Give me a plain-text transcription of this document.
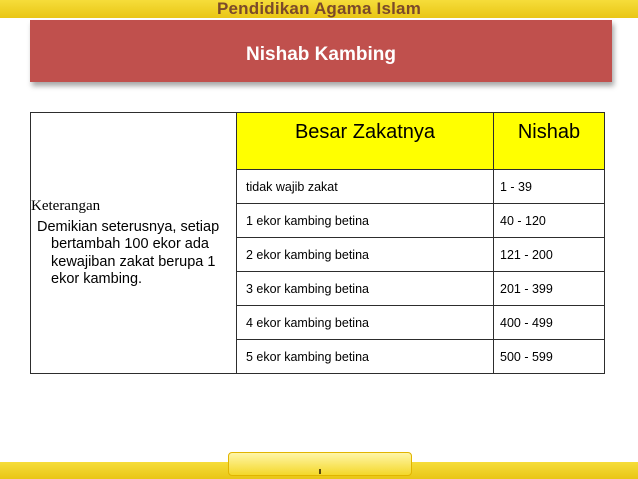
Pendidikan Agama Islam
Nishab Kambing
Keterangan
Demikian seterusnya, setiap bertambah 100 ekor ada kewajiban zakat berupa 1 ekor kambing.	Besar Zakatnya	Nishab
	tidak wajib zakat	1 - 39
	1 ekor kambing betina	40 - 120
	2 ekor kambing betina	121 - 200
	3 ekor kambing betina	201 - 399
	4 ekor kambing betina	400 - 499
	5 ekor kambing betina	500 - 599
